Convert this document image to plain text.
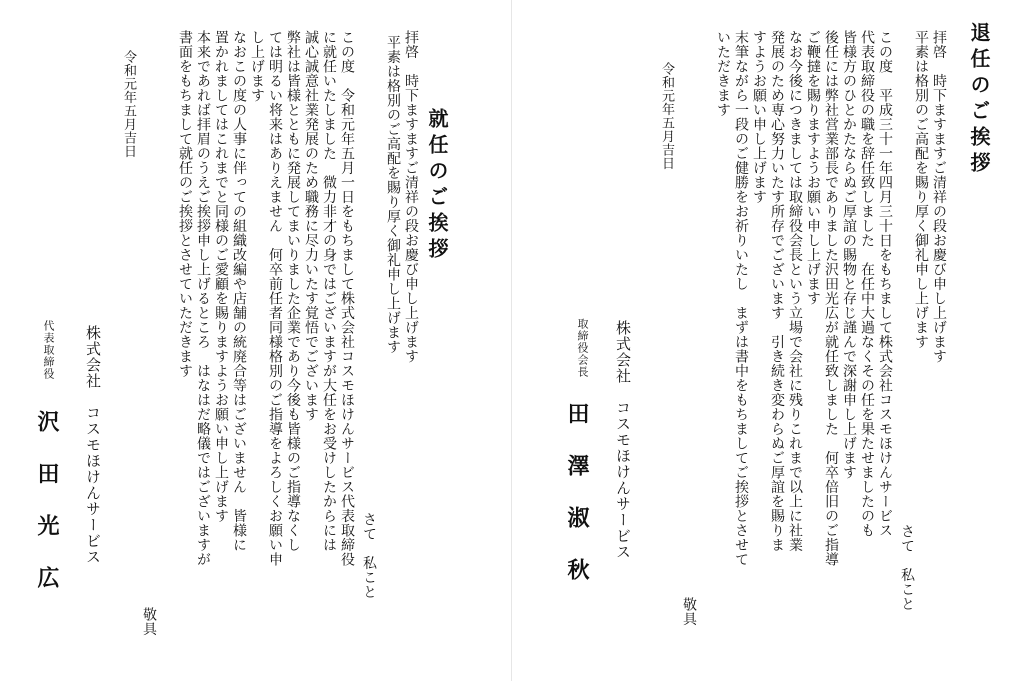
就任のご挨拶
拝啓　時下ますますご清祥の段お慶び申し上げます
平素は格別のご高配を賜り厚く御礼申し上げます
さて　私こと
この度　令和元年五月一日をもちまして株式会社コスモほけんサービス代表取締役
に就任いたしました　微力非才の身ではございますが大任をお受けしたからには
誠心誠意社業発展のため職務に尽力いたす覚悟でございます
弊社は皆様とともに発展してまいりました企業であり今後も皆様のご指導なくし
ては明るい将来はありえません　何卒前任者同様格別のご指導をよろしくお願い申
し上げます
なおこの度の人事に伴っての組織改編や店舗の統廃合等はございません　皆様に
置かれましてはこれまでと同様のご愛顧を賜りますようお願い申し上げます
本来であれば拝眉のうえご挨拶申し上げるところ　はなはだ略儀ではございますが
書面をもちまして就任のご挨拶とさせていただきます
敬具
令和元年五月吉日
株式会社　コスモほけんサービス
代表取締役
沢田光広
退任のご挨拶
拝啓　時下ますますご清祥の段お慶び申し上げます
平素は格別のご高配を賜り厚く御礼申し上げます
さて　私こと
この度　平成三十一年四月三十日をもちまして株式会社コスモほけんサービス
代表取締役の職を辞任致しました　在任中大過なくその任を果たせましたのも
皆様方のひとかたならぬご厚誼の賜物と存じ謹んで深謝申し上げます
後任には弊社営業部長でありました沢田光広が就任致しました　何卒倍旧のご指導
ご鞭撻を賜りますようお願い申し上げます
なお今後につきましては取締役会長という立場で会社に残りこれまで以上に社業
発展のため専心努力いたす所存でございます　引き続き変わらぬご厚誼を賜りま
すようお願い申し上げます
末筆ながら一段のご健勝をお祈りいたし　まずは書中をもちましてご挨拶とさせて
いただきます
敬具
令和元年五月吉日
株式会社　コスモほけんサービス
取締役会長
田澤淑秋
